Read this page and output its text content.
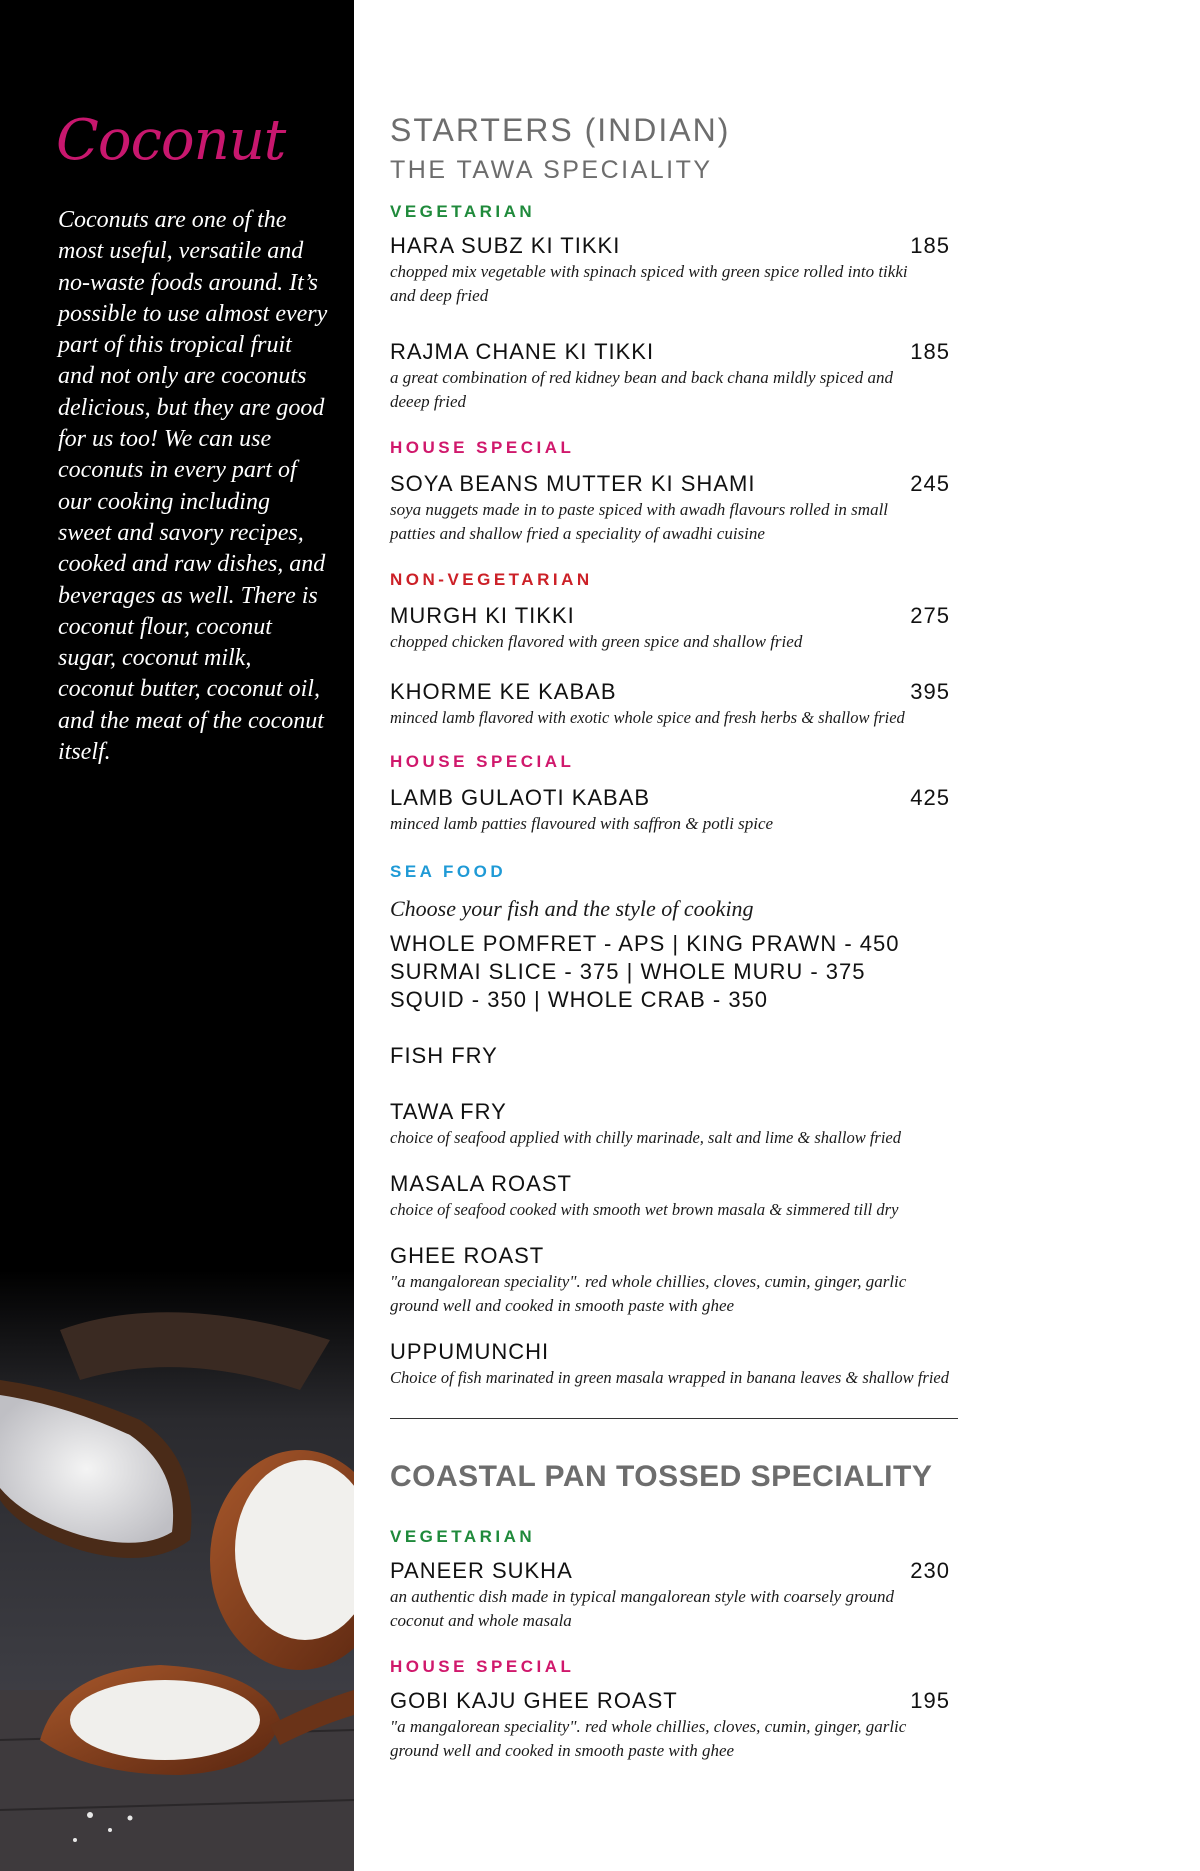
Coconut
Coconuts are one of the most useful, versatile and no-waste foods around. It’s possible to use almost every part of this tropical fruit and not only are coconuts delicious, but they are good for us too! We can use coconuts in every part of our cooking including sweet and savory recipes, cooked and raw dishes, and beverages as well. There is coconut flour, coconut sugar, coconut milk, coconut butter, coconut oil, and the meat of the coconut itself.
STARTERS (INDIAN)
THE TAWA SPECIALITY
VEGETARIAN
HARA SUBZ KI TIKKI	185
chopped mix vegetable with spinach spiced with green spice rolled into tikki and deep fried
RAJMA CHANE KI TIKKI	185
a great combination of red kidney bean and back chana mildly spiced and deeep fried
HOUSE SPECIAL
SOYA BEANS MUTTER KI SHAMI	245
soya nuggets made in to paste spiced with awadh flavours rolled in small patties and shallow fried a speciality of awadhi cuisine
NON-VEGETARIAN
MURGH KI TIKKI	275
chopped chicken flavored with green spice and shallow fried
KHORME KE KABAB	395
minced lamb flavored with exotic whole spice and fresh herbs & shallow fried
HOUSE SPECIAL
LAMB GULAOTI KABAB	425
minced lamb patties flavoured with saffron & potli spice
SEA FOOD
Choose your fish and the style of cooking
WHOLE POMFRET - APS | KING PRAWN - 450
SURMAI SLICE - 375 | WHOLE MURU - 375
SQUID - 350 | WHOLE CRAB - 350
FISH FRY
TAWA FRY
choice of seafood applied with chilly marinade, salt and lime & shallow fried
MASALA ROAST
choice of seafood cooked with smooth wet brown masala & simmered till dry
GHEE ROAST
"a mangalorean speciality". red whole chillies, cloves, cumin, ginger, garlic ground well and cooked in smooth paste with ghee
UPPUMUNCHI
Choice of fish marinated in green masala wrapped in banana leaves & shallow fried
COASTAL PAN TOSSED SPECIALITY
VEGETARIAN
PANEER SUKHA	230
an authentic dish made in typical mangalorean style with coarsely ground coconut and whole masala
HOUSE SPECIAL
GOBI KAJU GHEE ROAST	195
"a mangalorean speciality". red whole chillies, cloves, cumin, ginger, garlic ground well and cooked in smooth paste with ghee
